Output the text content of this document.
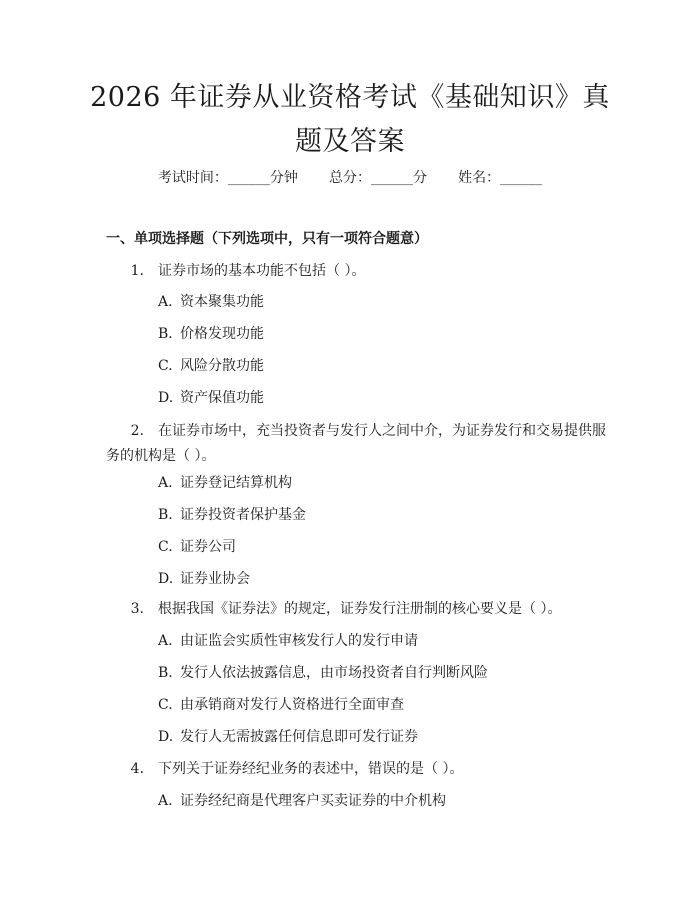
2026 年证券从业资格考试《基础知识》真题及答案
考试时间：______分钟 总分：______分 姓名：______
一、单项选择题（下列选项中，只有一项符合题意）
1. 证券市场的基本功能不包括（ ）。
A. 资本聚集功能
B. 价格发现功能
C. 风险分散功能
D. 资产保值功能
2. 在证券市场中，充当投资者与发行人之间中介，为证券发行和交易提供服
务的机构是（ ）。
A. 证券登记结算机构
B. 证券投资者保护基金
C. 证券公司
D. 证券业协会
3. 根据我国《证券法》的规定，证券发行注册制的核心要义是（ ）。
A. 由证监会实质性审核发行人的发行申请
B. 发行人依法披露信息，由市场投资者自行判断风险
C. 由承销商对发行人资格进行全面审查
D. 发行人无需披露任何信息即可发行证券
4. 下列关于证券经纪业务的表述中，错误的是（ ）。
A. 证券经纪商是代理客户买卖证券的中介机构
